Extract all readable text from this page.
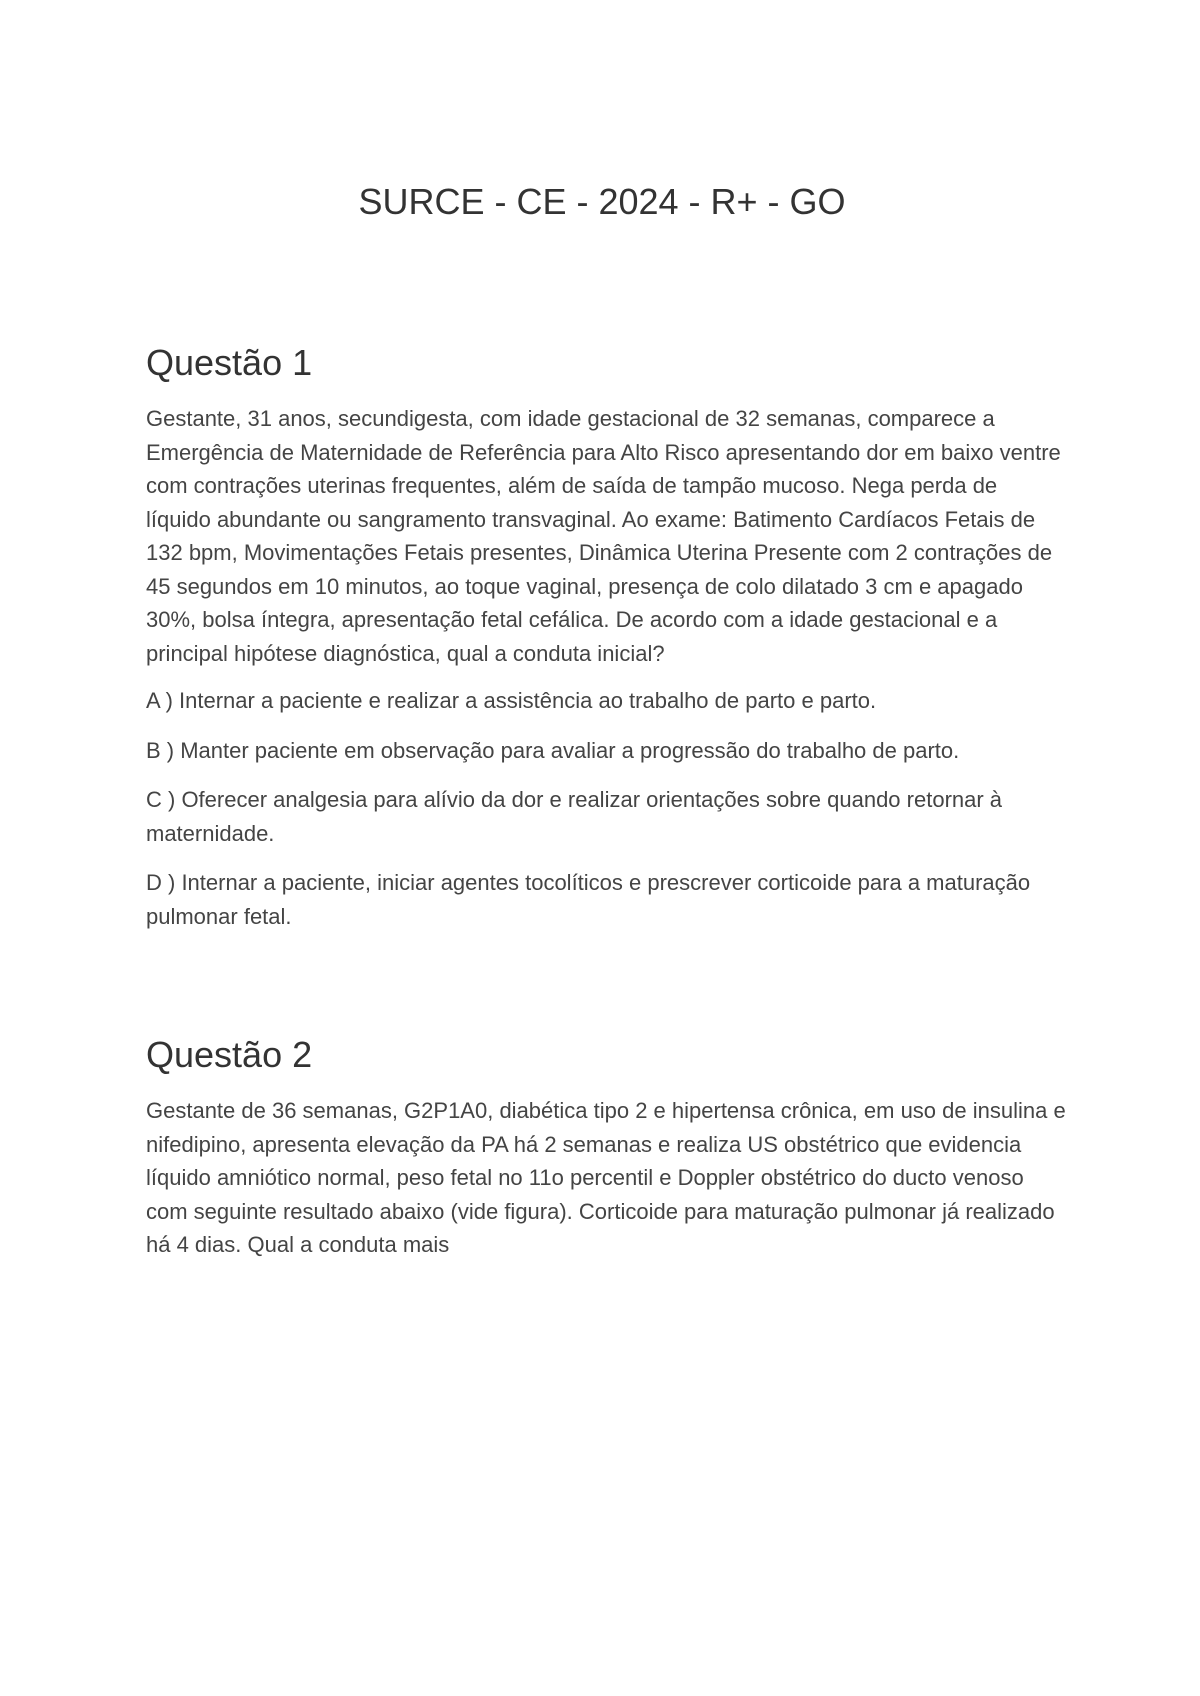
SURCE - CE - 2024 - R+ - GO
Questão 1

Gestante, 31 anos, secundigesta, com idade gestacional de 32 semanas, comparece a Emergência de Maternidade de Referência para Alto Risco apresentando dor em baixo ventre com contrações uterinas frequentes, além de saída de tampão mucoso. Nega perda de líquido abundante ou sangramento transvaginal. Ao exame: Batimento Cardíacos Fetais de 132 bpm, Movimentações Fetais presentes, Dinâmica Uterina Presente com 2 contrações de 45 segundos em 10 minutos, ao toque vaginal, presença de colo dilatado 3 cm e apagado 30%, bolsa íntegra, apresentação fetal cefálica. De acordo com a idade gestacional e a principal hipótese diagnóstica, qual a conduta inicial?

A ) Internar a paciente e realizar a assistência ao trabalho de parto e parto.

B ) Manter paciente em observação para avaliar a progressão do trabalho de parto.

C ) Oferecer analgesia para alívio da dor e realizar orientações sobre quando retornar à maternidade.

D ) Internar a paciente, iniciar agentes tocolíticos e prescrever corticoide para a maturação pulmonar fetal.

Questão 2

Gestante de 36 semanas, G2P1A0, diabética tipo 2 e hipertensa crônica, em uso de insulina e nifedipino, apresenta elevação da PA há 2 semanas e realiza US obstétrico que evidencia líquido amniótico normal, peso fetal no 11o percentil e Doppler obstétrico do ducto venoso com seguinte resultado abaixo (vide figura). Corticoide para maturação pulmonar já realizado há 4 dias. Qual a conduta mais
